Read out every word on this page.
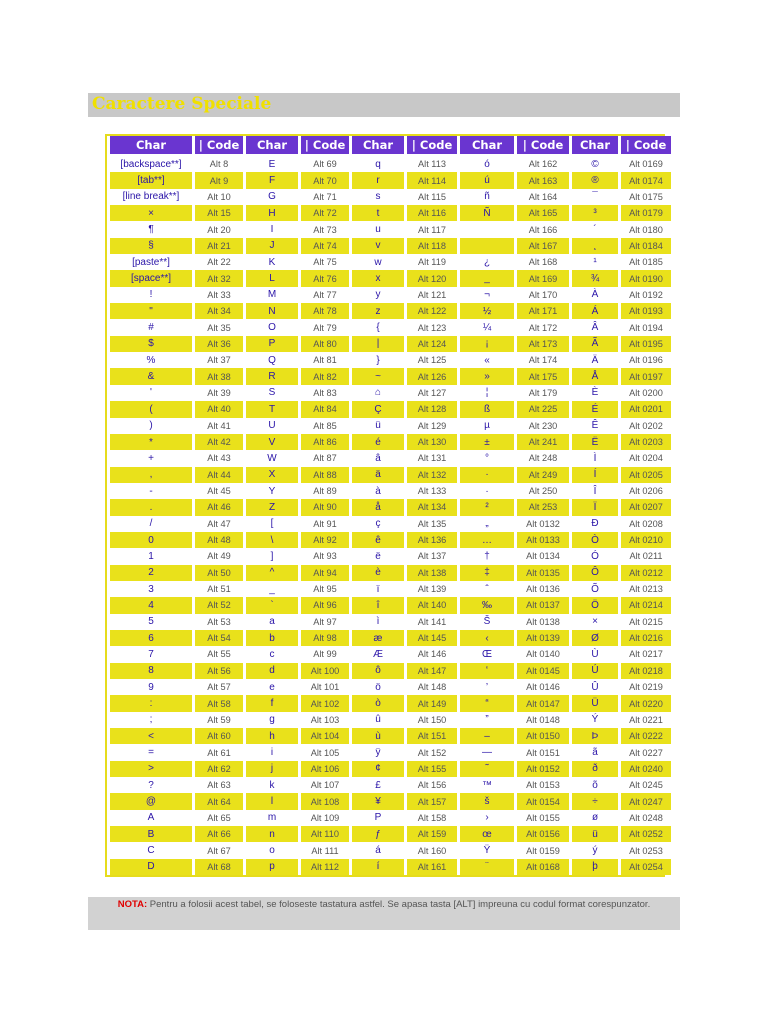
Caractere Speciale
Char	| Code	Char	| Code	Char	| Code	Char	| Code	Char	| Code
[backspace**]	Alt 8	E	Alt 69	q	Alt 113	ó	Alt 162	©	Alt 0169
[tab**]	Alt 9	F	Alt 70	r	Alt 114	ú	Alt 163	®	Alt 0174
[line break**]	Alt 10	G	Alt 71	s	Alt 115	ñ	Alt 164	¯	Alt 0175
×	Alt 15	H	Alt 72	t	Alt 116	Ñ	Alt 165	³	Alt 0179
¶	Alt 20	I	Alt 73	u	Alt 117		Alt 166	´	Alt 0180
§	Alt 21	J	Alt 74	v	Alt 118		Alt 167	¸	Alt 0184
[paste**]	Alt 22	K	Alt 75	w	Alt 119	¿	Alt 168	¹	Alt 0185
[space**]	Alt 32	L	Alt 76	x	Alt 120	_	Alt 169	¾	Alt 0190
!	Alt 33	M	Alt 77	y	Alt 121	¬	Alt 170	À	Alt 0192
"	Alt 34	N	Alt 78	z	Alt 122	½	Alt 171	Á	Alt 0193
#	Alt 35	O	Alt 79	{	Alt 123	¼	Alt 172	Â	Alt 0194
$	Alt 36	P	Alt 80	|	Alt 124	¡	Alt 173	Ã	Alt 0195
%	Alt 37	Q	Alt 81	}	Alt 125	«	Alt 174	Ä	Alt 0196
&	Alt 38	R	Alt 82	~	Alt 126	»	Alt 175	Å	Alt 0197
'	Alt 39	S	Alt 83	⌂	Alt 127	¦	Alt 179	È	Alt 0200
(	Alt 40	T	Alt 84	Ç	Alt 128	ß	Alt 225	É	Alt 0201
)	Alt 41	U	Alt 85	ü	Alt 129	µ	Alt 230	Ê	Alt 0202
*	Alt 42	V	Alt 86	é	Alt 130	±	Alt 241	Ë	Alt 0203
+	Alt 43	W	Alt 87	â	Alt 131	°	Alt 248	Ì	Alt 0204
,	Alt 44	X	Alt 88	ä	Alt 132	·	Alt 249	Í	Alt 0205
-	Alt 45	Y	Alt 89	à	Alt 133	·	Alt 250	Î	Alt 0206
.	Alt 46	Z	Alt 90	å	Alt 134	²	Alt 253	Ï	Alt 0207
/	Alt 47	[	Alt 91	ç	Alt 135	„	Alt 0132	Ð	Alt 0208
0	Alt 48	\	Alt 92	ê	Alt 136	…	Alt 0133	Ò	Alt 0210
1	Alt 49	]	Alt 93	ë	Alt 137	†	Alt 0134	Ó	Alt 0211
2	Alt 50	^	Alt 94	è	Alt 138	‡	Alt 0135	Ô	Alt 0212
3	Alt 51	_	Alt 95	ï	Alt 139	ˆ	Alt 0136	Õ	Alt 0213
4	Alt 52	`	Alt 96	î	Alt 140	‰	Alt 0137	Ö	Alt 0214
5	Alt 53	a	Alt 97	ì	Alt 141	Š	Alt 0138	×	Alt 0215
6	Alt 54	b	Alt 98	æ	Alt 145	‹	Alt 0139	Ø	Alt 0216
7	Alt 55	c	Alt 99	Æ	Alt 146	Œ	Alt 0140	Ù	Alt 0217
8	Alt 56	d	Alt 100	ô	Alt 147	‘	Alt 0145	Ú	Alt 0218
9	Alt 57	e	Alt 101	ö	Alt 148	’	Alt 0146	Û	Alt 0219
:	Alt 58	f	Alt 102	ò	Alt 149	“	Alt 0147	Ü	Alt 0220
;	Alt 59	g	Alt 103	û	Alt 150	”	Alt 0148	Ý	Alt 0221
<	Alt 60	h	Alt 104	ù	Alt 151	–	Alt 0150	Þ	Alt 0222
=	Alt 61	i	Alt 105	ÿ	Alt 152	—	Alt 0151	ã	Alt 0227
>	Alt 62	j	Alt 106	¢	Alt 155	˜	Alt 0152	ð	Alt 0240
?	Alt 63	k	Alt 107	£	Alt 156	™	Alt 0153	õ	Alt 0245
@	Alt 64	l	Alt 108	¥	Alt 157	š	Alt 0154	÷	Alt 0247
A	Alt 65	m	Alt 109	P	Alt 158	›	Alt 0155	ø	Alt 0248
B	Alt 66	n	Alt 110	ƒ	Alt 159	œ	Alt 0156	ü	Alt 0252
C	Alt 67	o	Alt 111	á	Alt 160	Ÿ	Alt 0159	ý	Alt 0253
D	Alt 68	p	Alt 112	í	Alt 161	¨	Alt 0168	þ	Alt 0254
NOTA: Pentru a folosii acest tabel, se foloseste tastatura astfel. Se apasa tasta [ALT] impreuna cu codul format corespunzator.
